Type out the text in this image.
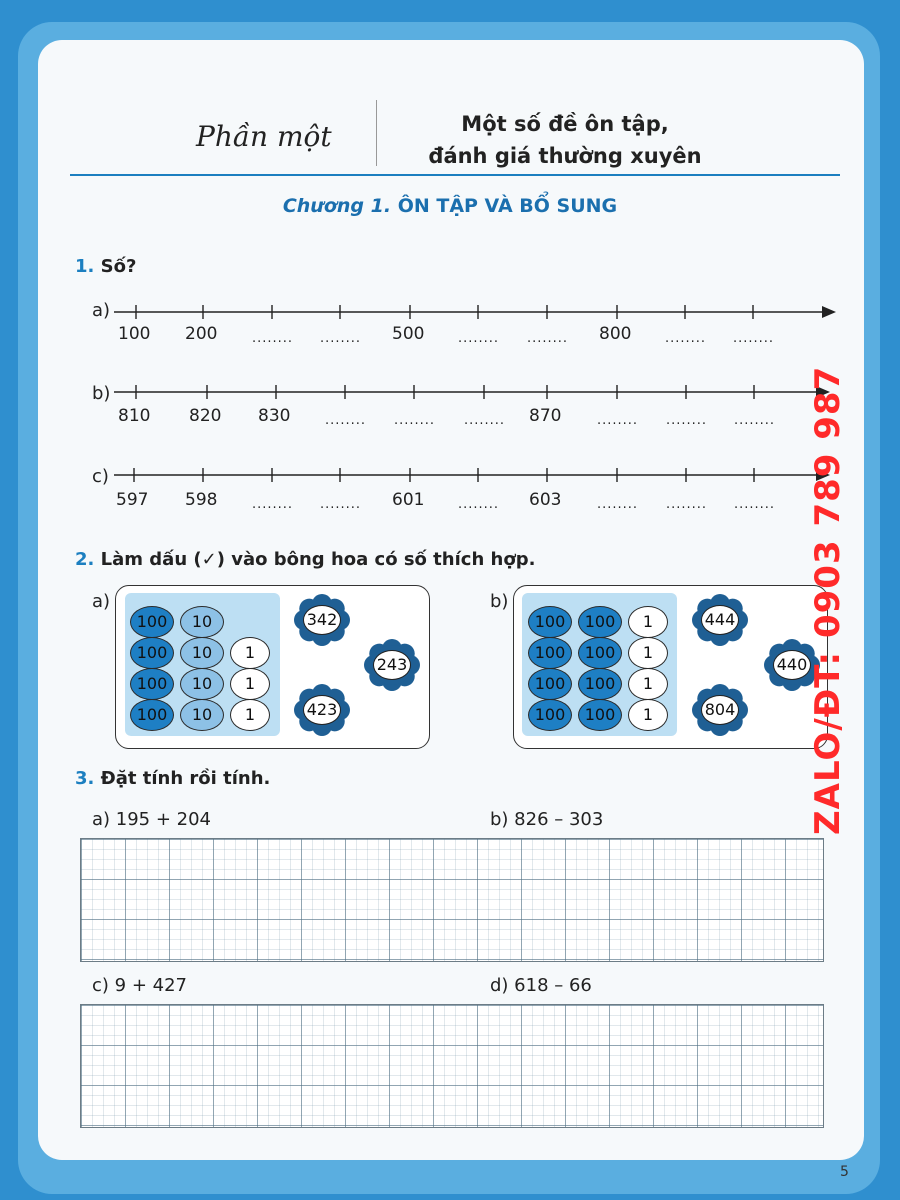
Phần một	Một số đề ôn tập,
đánh giá thường xuyên
Chương 1. ÔN TẬP VÀ BỔ SUNG
1. Số?
a)
b)
c)
100 200	........ ........ 500	........ ........ 800	........ ........
810 820 830	........ ........ ........ 870	........ ........ ........
597 598	........ ........ 601	........ 603	........ ........ ........
2. Làm dấu (✓) vào bông hoa có số thích hợp.
a)
100	10
100	10	1
100	10	1
100	10	1
b)
100	100	1
100	100	1
100	100	1
100	100	1
342
243
423
444
440
804
3. Đặt tính rồi tính.
a) 195 + 204	b) 826 – 303
c) 9 + 427	d) 618 – 66
ZALO/ĐT: 0903 789 987
5
